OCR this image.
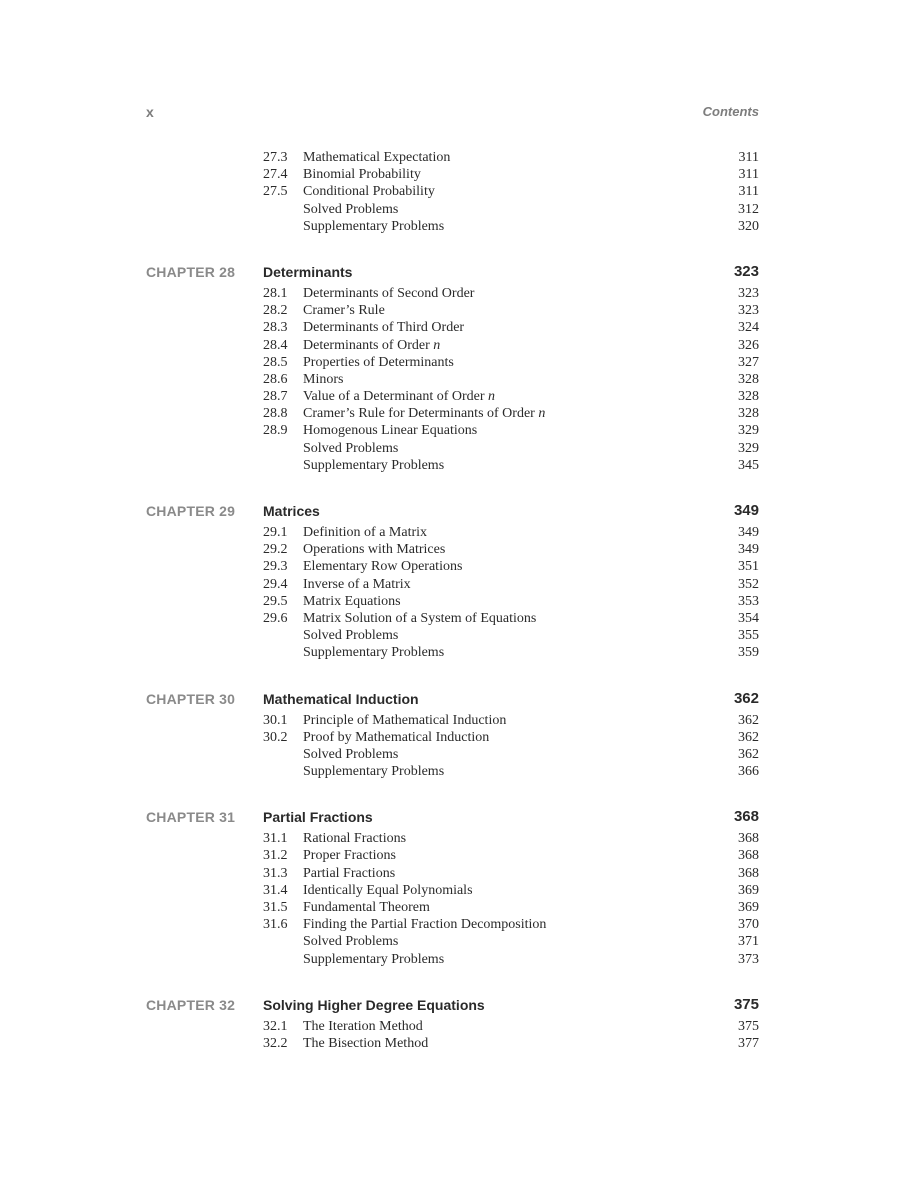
x	Contents
27.3 Mathematical Expectation	311
27.4 Binomial Probability	311
27.5 Conditional Probability	311
Solved Problems	312
Supplementary Problems	320
CHAPTER 28 Determinants	323
28.1 Determinants of Second Order	323
28.2 Cramer’s Rule	323
28.3 Determinants of Third Order	324
28.4 Determinants of Order n	326
28.5 Properties of Determinants	327
28.6 Minors	328
28.7 Value of a Determinant of Order n	328
28.8 Cramer’s Rule for Determinants of Order n	328
28.9 Homogenous Linear Equations	329
Solved Problems	329
Supplementary Problems	345
CHAPTER 29 Matrices	349
29.1 Definition of a Matrix	349
29.2 Operations with Matrices	349
29.3 Elementary Row Operations	351
29.4 Inverse of a Matrix	352
29.5 Matrix Equations	353
29.6 Matrix Solution of a System of Equations	354
Solved Problems	355
Supplementary Problems	359
CHAPTER 30 Mathematical Induction	362
30.1 Principle of Mathematical Induction	362
30.2 Proof by Mathematical Induction	362
Solved Problems	362
Supplementary Problems	366
CHAPTER 31 Partial Fractions	368
31.1 Rational Fractions	368
31.2 Proper Fractions	368
31.3 Partial Fractions	368
31.4 Identically Equal Polynomials	369
31.5 Fundamental Theorem	369
31.6 Finding the Partial Fraction Decomposition	370
Solved Problems	371
Supplementary Problems	373
CHAPTER 32 Solving Higher Degree Equations	375
32.1 The Iteration Method	375
32.2 The Bisection Method	377
